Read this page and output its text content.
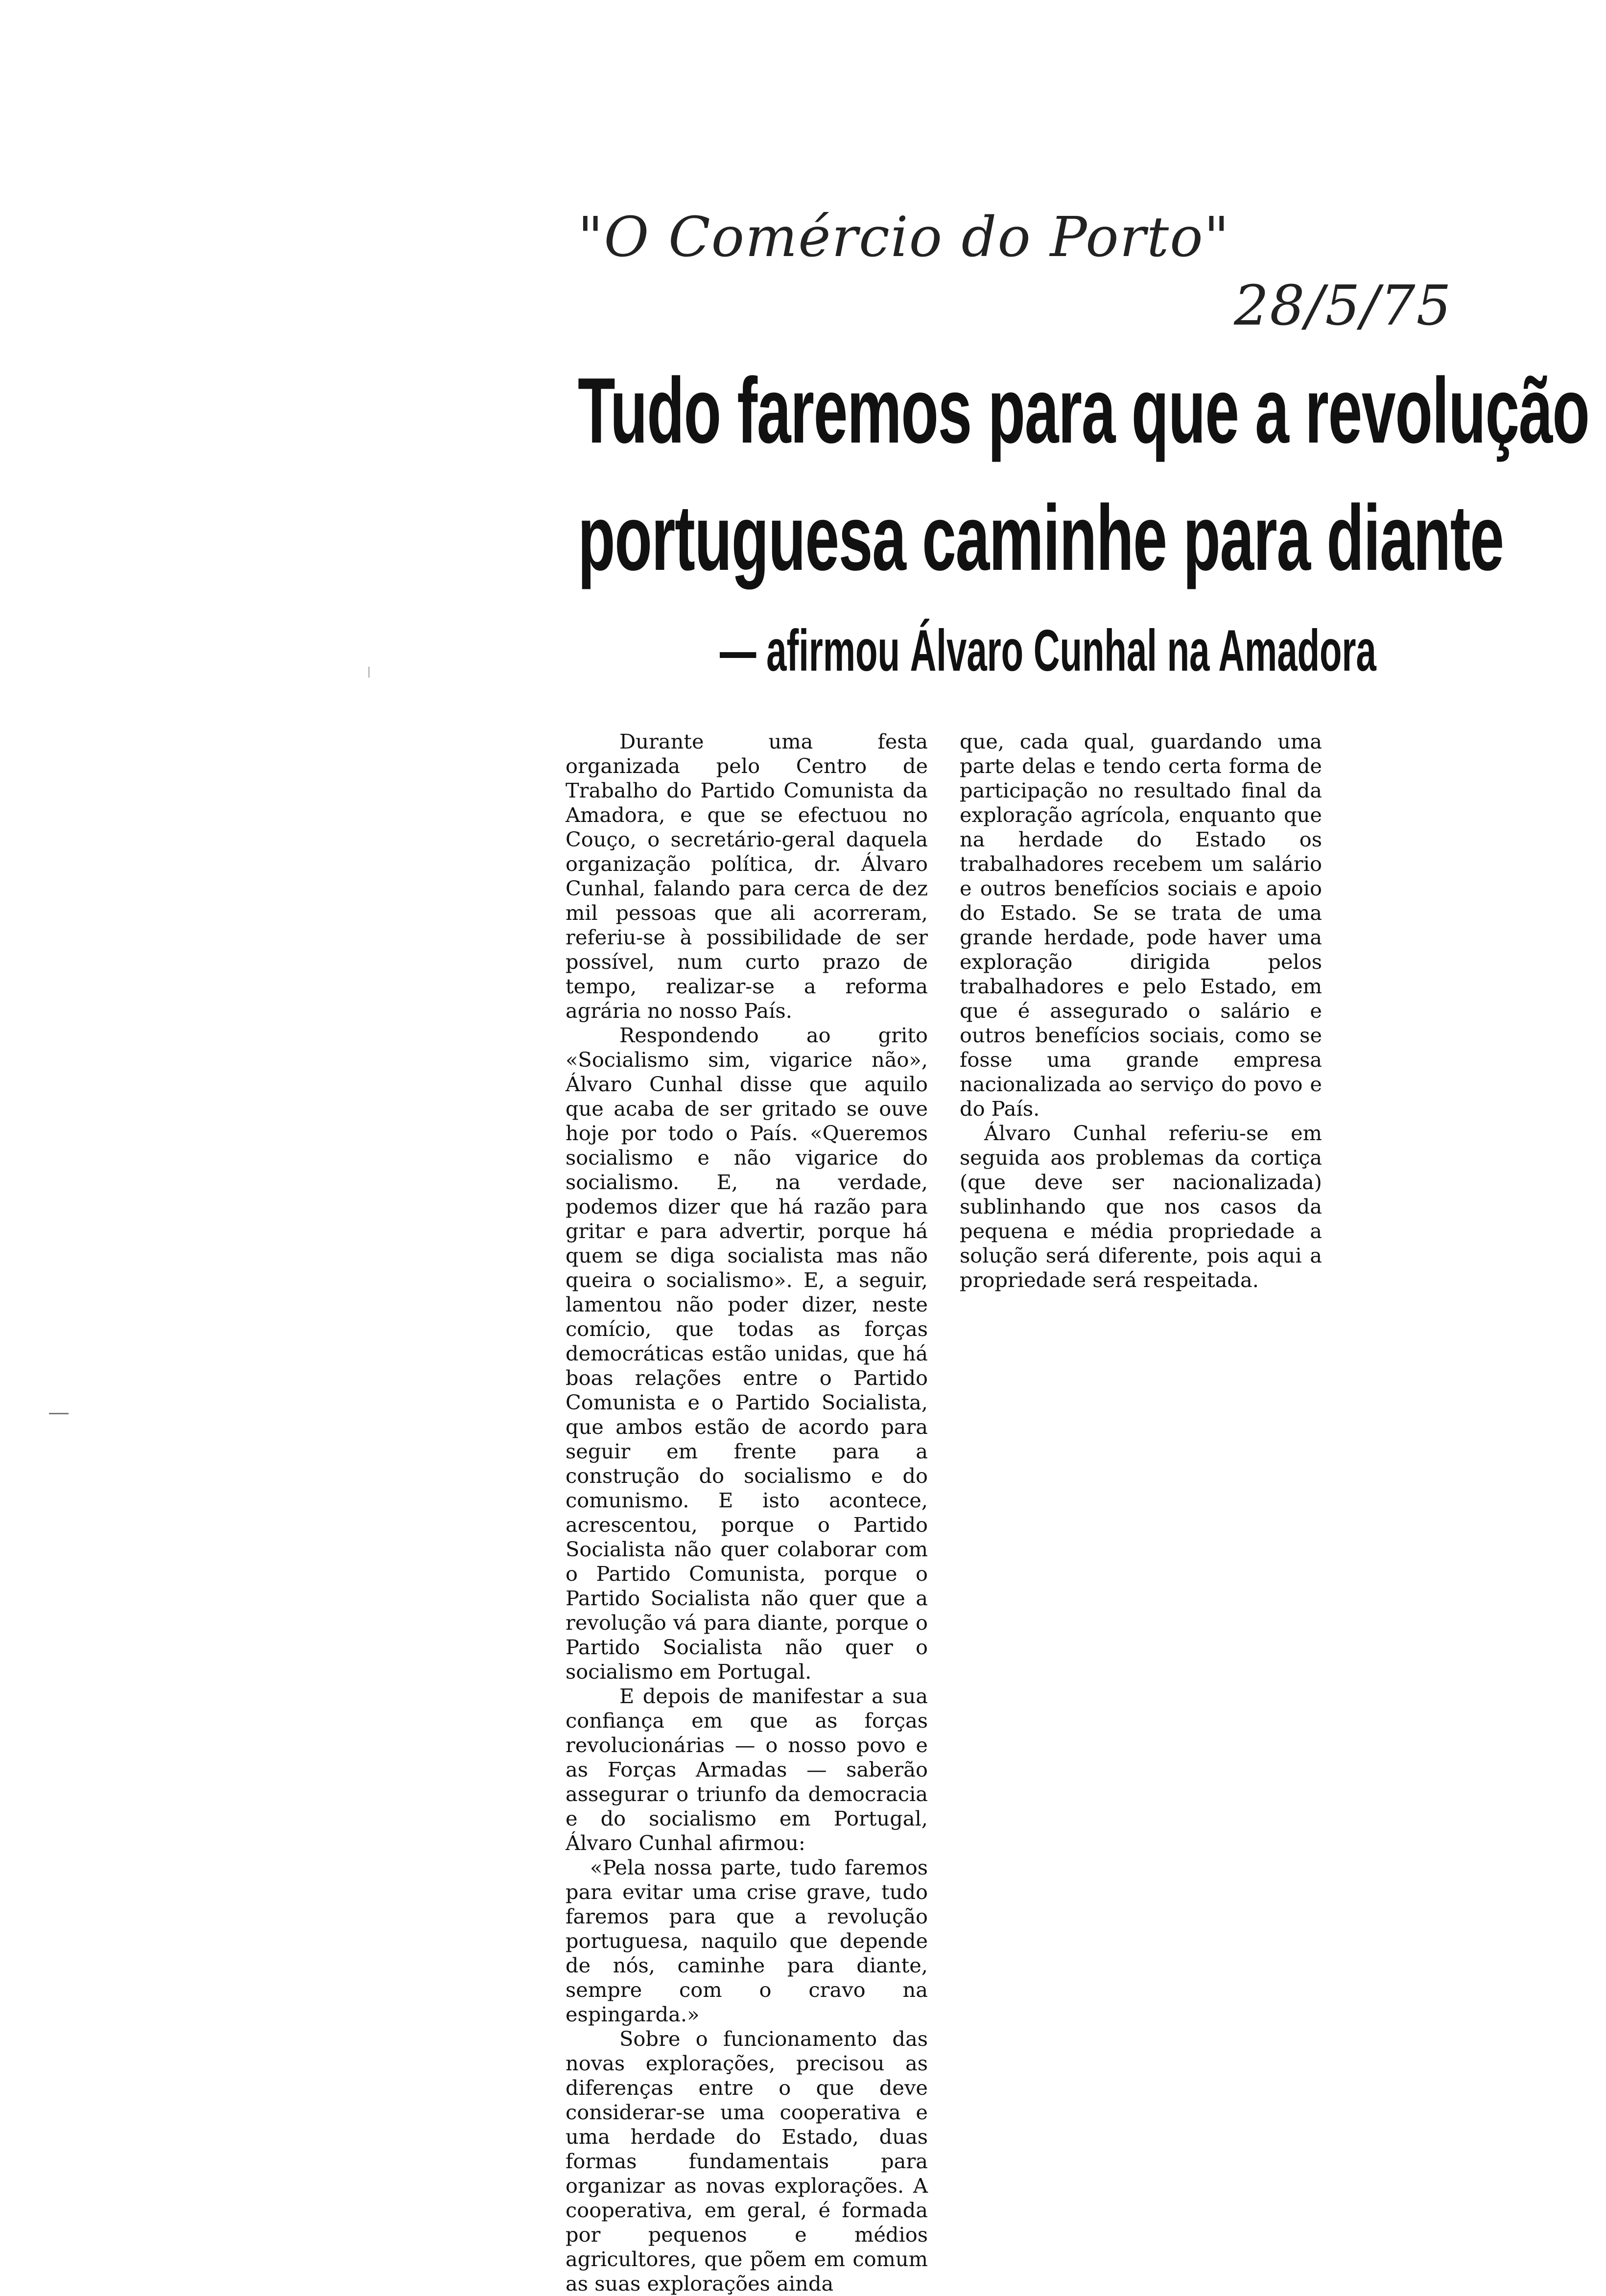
"O Comércio do Porto"
28/5/75
Tudo faremos para que a revolução
portuguesa caminhe para diante
— afirmou Álvaro Cunhal na Amadora

Durante uma festa organizada pelo Centro de Trabalho do Partido Comunista da Amadora, e que se efectuou no Couço, o secretário-geral daquela organização política, dr. Álvaro Cunhal, falando para cerca de dez mil pessoas que ali acorreram, referiu-se à possibilidade de ser possível, num curto prazo de tempo, realizar-se a reforma agrária no nosso País.

Respondendo ao grito «Socialismo sim, vigarice não», Álvaro Cunhal disse que aquilo que acaba de ser gritado se ouve hoje por todo o País. «Queremos socialismo e não vigarice do socialismo. E, na verdade, podemos dizer que há razão para gritar e para advertir, porque há quem se diga socialista mas não queira o socialismo». E, a seguir, lamentou não poder dizer, neste comício, que todas as forças democráticas estão unidas, que há boas relações entre o Partido Comunista e o Partido Socialista, que ambos estão de acordo para seguir em frente para a construção do socialismo e do comunismo. E isto acontece, acrescentou, porque o Partido Socialista não quer colaborar com o Partido Comunista, porque o Partido Socialista não quer que a revolução vá para diante, porque o Partido Socialista não quer o socialismo em Portugal.

E depois de manifestar a sua confiança em que as forças revolucionárias — o nosso povo e as Forças Armadas — saberão assegurar o triunfo da democracia e do socialismo em Portugal, Álvaro Cunhal afirmou:

«Pela nossa parte, tudo faremos para evitar uma crise grave, tudo faremos para que a revolução portuguesa, naquilo que depende de nós, caminhe para diante, sempre com o cravo na espingarda.»

Sobre o funcionamento das novas explorações, precisou as diferenças entre o que deve considerar-se uma cooperativa e uma herdade do Estado, duas formas fundamentais para organizar as novas explorações. A cooperativa, em geral, é formada por pequenos e médios agricultores, que põem em comum as suas explorações ainda

que, cada qual, guardando uma parte delas e tendo certa forma de participação no resultado final da exploração agrícola, enquanto que na herdade do Estado os trabalhadores recebem um salário e outros benefícios sociais e apoio do Estado. Se se trata de uma grande herdade, pode haver uma exploração dirigida pelos trabalhadores e pelo Estado, em que é assegurado o salário e outros benefícios sociais, como se fosse uma grande empresa nacionalizada ao serviço do povo e do País.

Álvaro Cunhal referiu-se em seguida aos problemas da cortiça (que deve ser nacionalizada) sublinhando que nos casos da pequena e média propriedade a solução será diferente, pois aqui a propriedade será respeitada.
